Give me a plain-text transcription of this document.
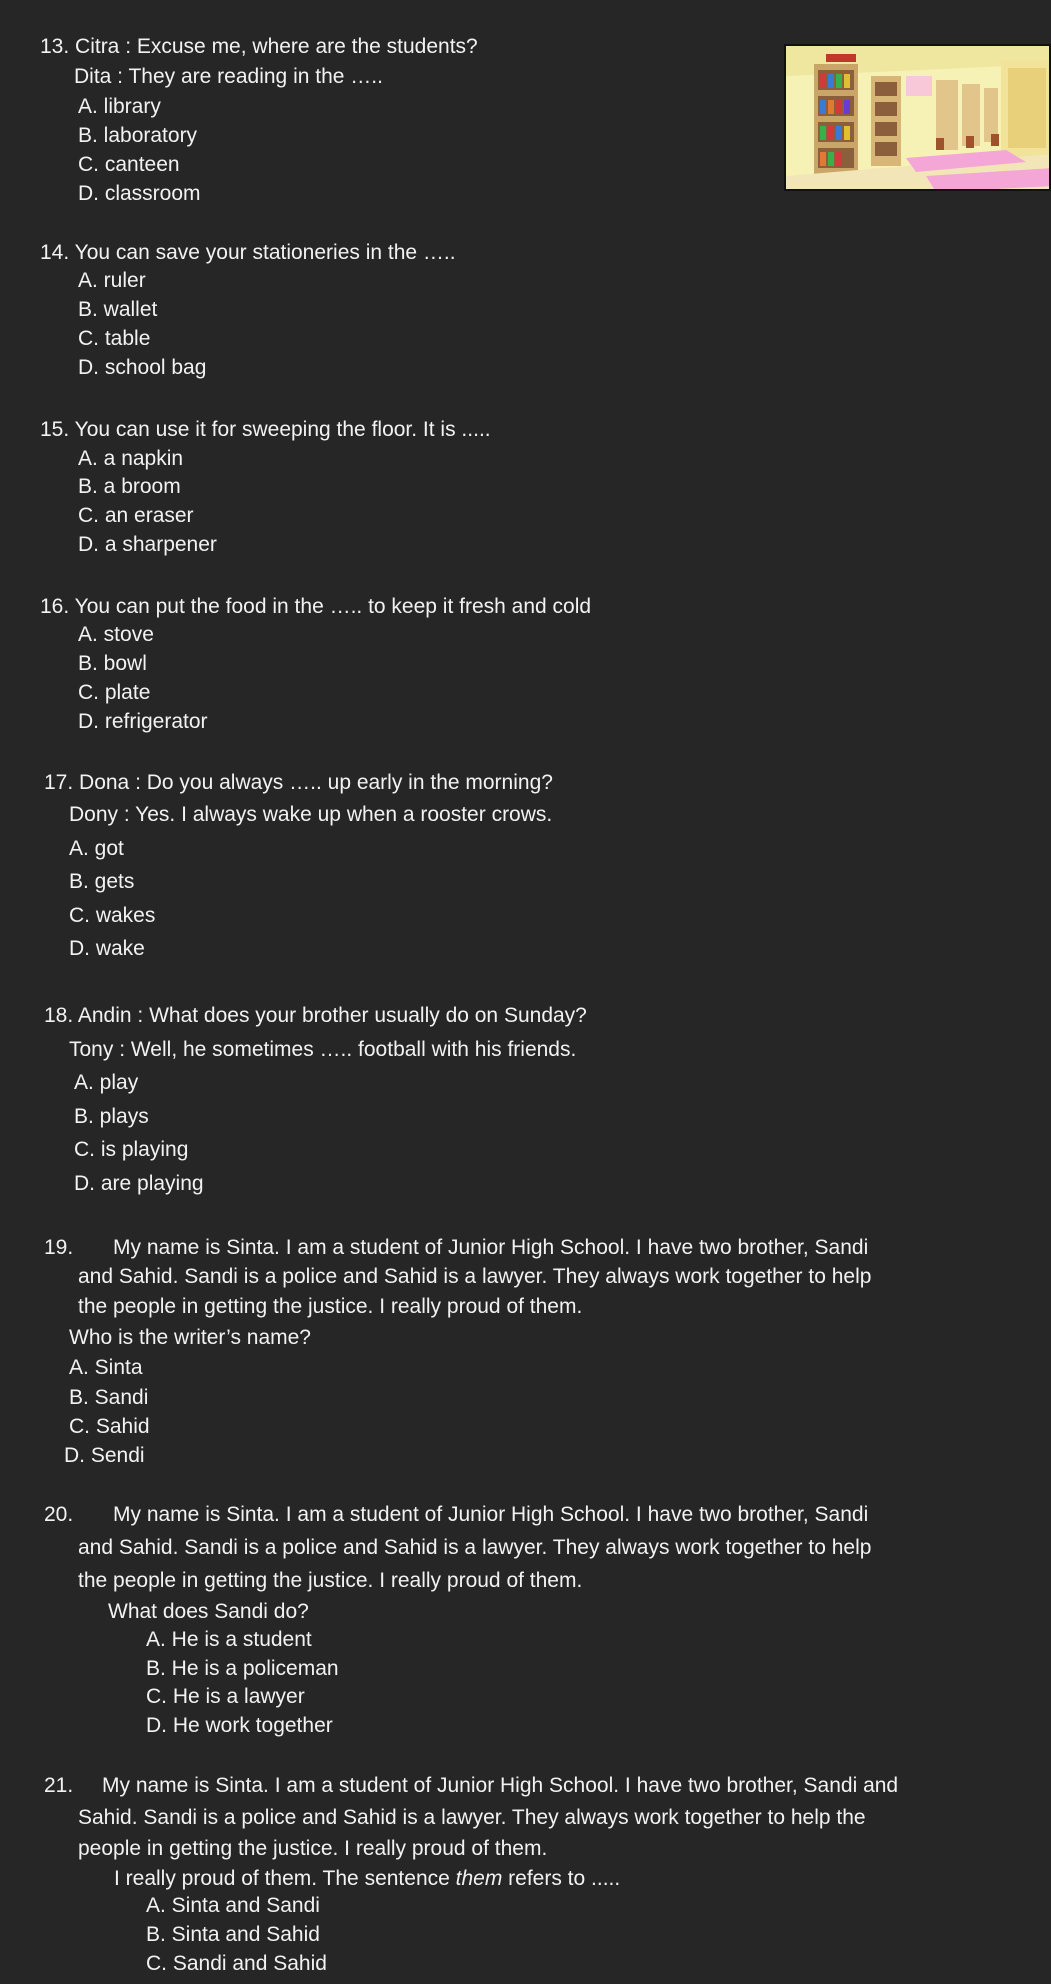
13. Citra : Excuse me, where are the students?
Dita : They are reading in the …..
A. library
B. laboratory
C. canteen
D. classroom
14. You can save your stationeries in the …..
A. ruler
B. wallet
C. table
D. school bag
15. You can use it for sweeping the floor. It is .....
A. a napkin
B. a broom
C. an eraser
D. a sharpener
16. You can put the food in the ….. to keep it fresh and cold
A. stove
B. bowl
C. plate
D. refrigerator
17. Dona : Do you always ….. up early in the morning?
Dony : Yes. I always wake up when a rooster crows.
A. got
B. gets
C. wakes
D. wake
18. Andin : What does your brother usually do on Sunday?
Tony : Well, he sometimes ….. football with his friends.
A. play
B. plays
C. is playing
D. are playing
19. My name is Sinta. I am a student of Junior High School. I have two brother, Sandi
and Sahid. Sandi is a police and Sahid is a lawyer. They always work together to help
the people in getting the justice. I really proud of them.
Who is the writer’s name?
A. Sinta
B. Sandi
C. Sahid
D. Sendi
20. My name is Sinta. I am a student of Junior High School. I have two brother, Sandi
and Sahid. Sandi is a police and Sahid is a lawyer. They always work together to help
the people in getting the justice. I really proud of them.
What does Sandi do?
A. He is a student
B. He is a policeman
C. He is a lawyer
D. He work together
21. My name is Sinta. I am a student of Junior High School. I have two brother, Sandi and
Sahid. Sandi is a police and Sahid is a lawyer. They always work together to help the
people in getting the justice. I really proud of them.
I really proud of them. The sentence them refers to .....
A. Sinta and Sandi
B. Sinta and Sahid
C. Sandi and Sahid
